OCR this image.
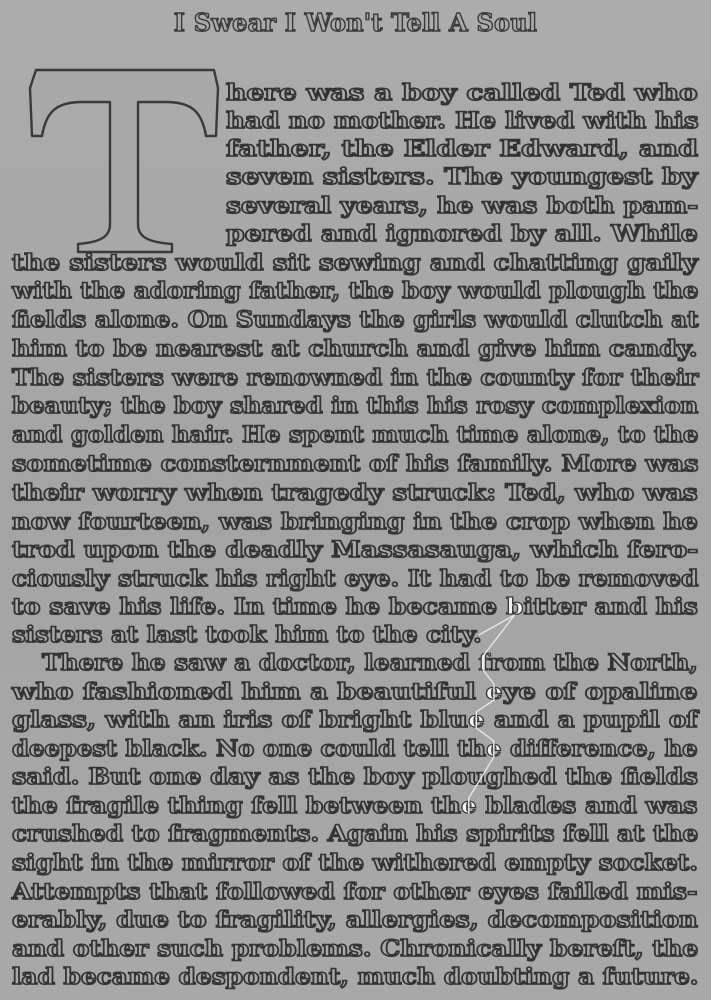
I Swear I Won't Tell A Soul
here was a boy called Ted who
had no mother. He lived with his
father, the Elder Edward, and
seven sisters. The youngest by
several years, he was both pam-
pered and ignored by all. While
the sisters would sit sewing and chatting gaily
with the adoring father, the boy would plough the
fields alone. On Sundays the girls would clutch at
him to be nearest at church and give him candy.
The sisters were renowned in the county for their
beauty; the boy shared in this his rosy complexion
and golden hair. He spent much time alone, to the
sometime consternment of his family. More was
their worry when tragedy struck: Ted, who was
now fourteen, was bringing in the crop when he
trod upon the deadly Massasauga, which fero-
ciously struck his right eye. It had to be removed
to save his life. In time he became bitter and his
sisters at last took him to the city.
There he saw a doctor, learned from the North,
who fashioned him a beautiful eye of opaline
glass, with an iris of bright blue and a pupil of
deepest black. No one could tell the difference, he
said. But one day as the boy ploughed the fields
the fragile thing fell between the blades and was
crushed to fragments. Again his spirits fell at the
sight in the mirror of the withered empty socket.
Attempts that followed for other eyes failed mis-
erably, due to fragility, allergies, decomposition
and other such problems. Chronically bereft, the
lad became despondent, much doubting a future.
